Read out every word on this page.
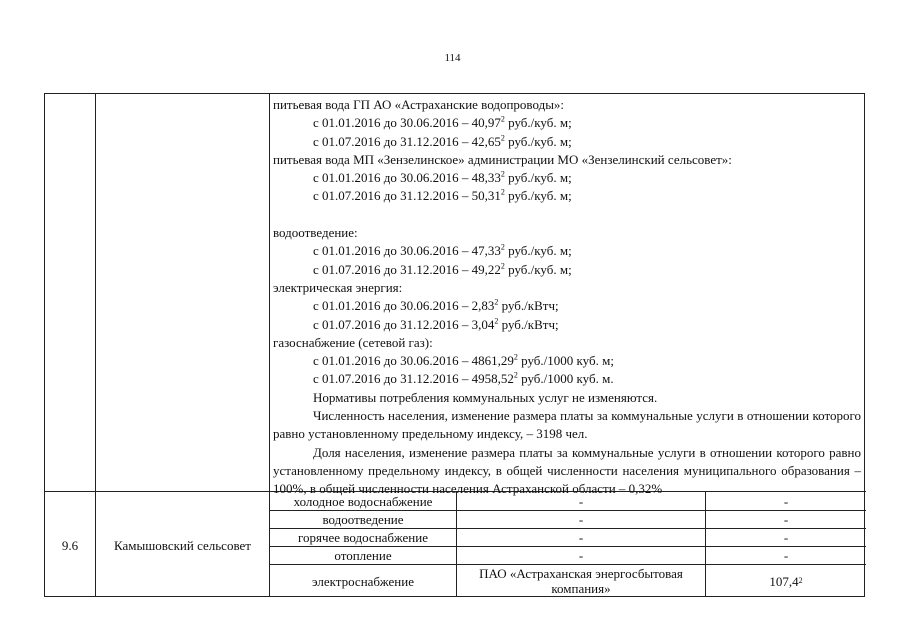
114
питьевая вода ГП АО «Астраханские водопроводы»:
с 01.01.2016 до 30.06.2016 – 40,97$^2$ руб./куб. м;
с 01.07.2016 до 31.12.2016 – 42,65$^2$ руб./куб. м;
питьевая вода МП «Зензелинское» администрации МО «Зензелинский сельсовет»:
с 01.01.2016 до 30.06.2016 – 48,33$^2$ руб./куб. м;
с 01.07.2016 до 31.12.2016 – 50,31$^2$ руб./куб. м;
водоотведение:
с 01.01.2016 до 30.06.2016 – 47,33$^2$ руб./куб. м;
с 01.07.2016 до 31.12.2016 – 49,22$^2$ руб./куб. м;
электрическая энергия:
с 01.01.2016 до 30.06.2016 – 2,83$^2$ руб./кВтч;
с 01.07.2016 до 31.12.2016 – 3,04$^2$ руб./кВтч;
газоснабжение (сетевой газ):
с 01.01.2016 до 30.06.2016 – 4861,29$^2$ руб./1000 куб. м;
с 01.07.2016 до 31.12.2016 – 4958,52$^2$ руб./1000 куб. м.
Нормативы потребления коммунальных услуг не изменяются.
Численность населения, изменение размера платы за коммунальные услуги в отношении которого равно установленному предельному индексу, – 3198 чел.
Доля населения, изменение размера платы за коммунальные услуги в отношении которого равно установленному предельному индексу, в общей численности населения муниципального образования – 100%, в общей численности населения Астраханской области – 0,32%
9.6	Камышовский сельсовет
холодное водоснабжение	-	-
водоотведение	-	-
горячее водоснабжение	-	-
отопление	-	-
электроснабжение	ПАО «Астраханская энергосбытовая компания»	107,4 2
